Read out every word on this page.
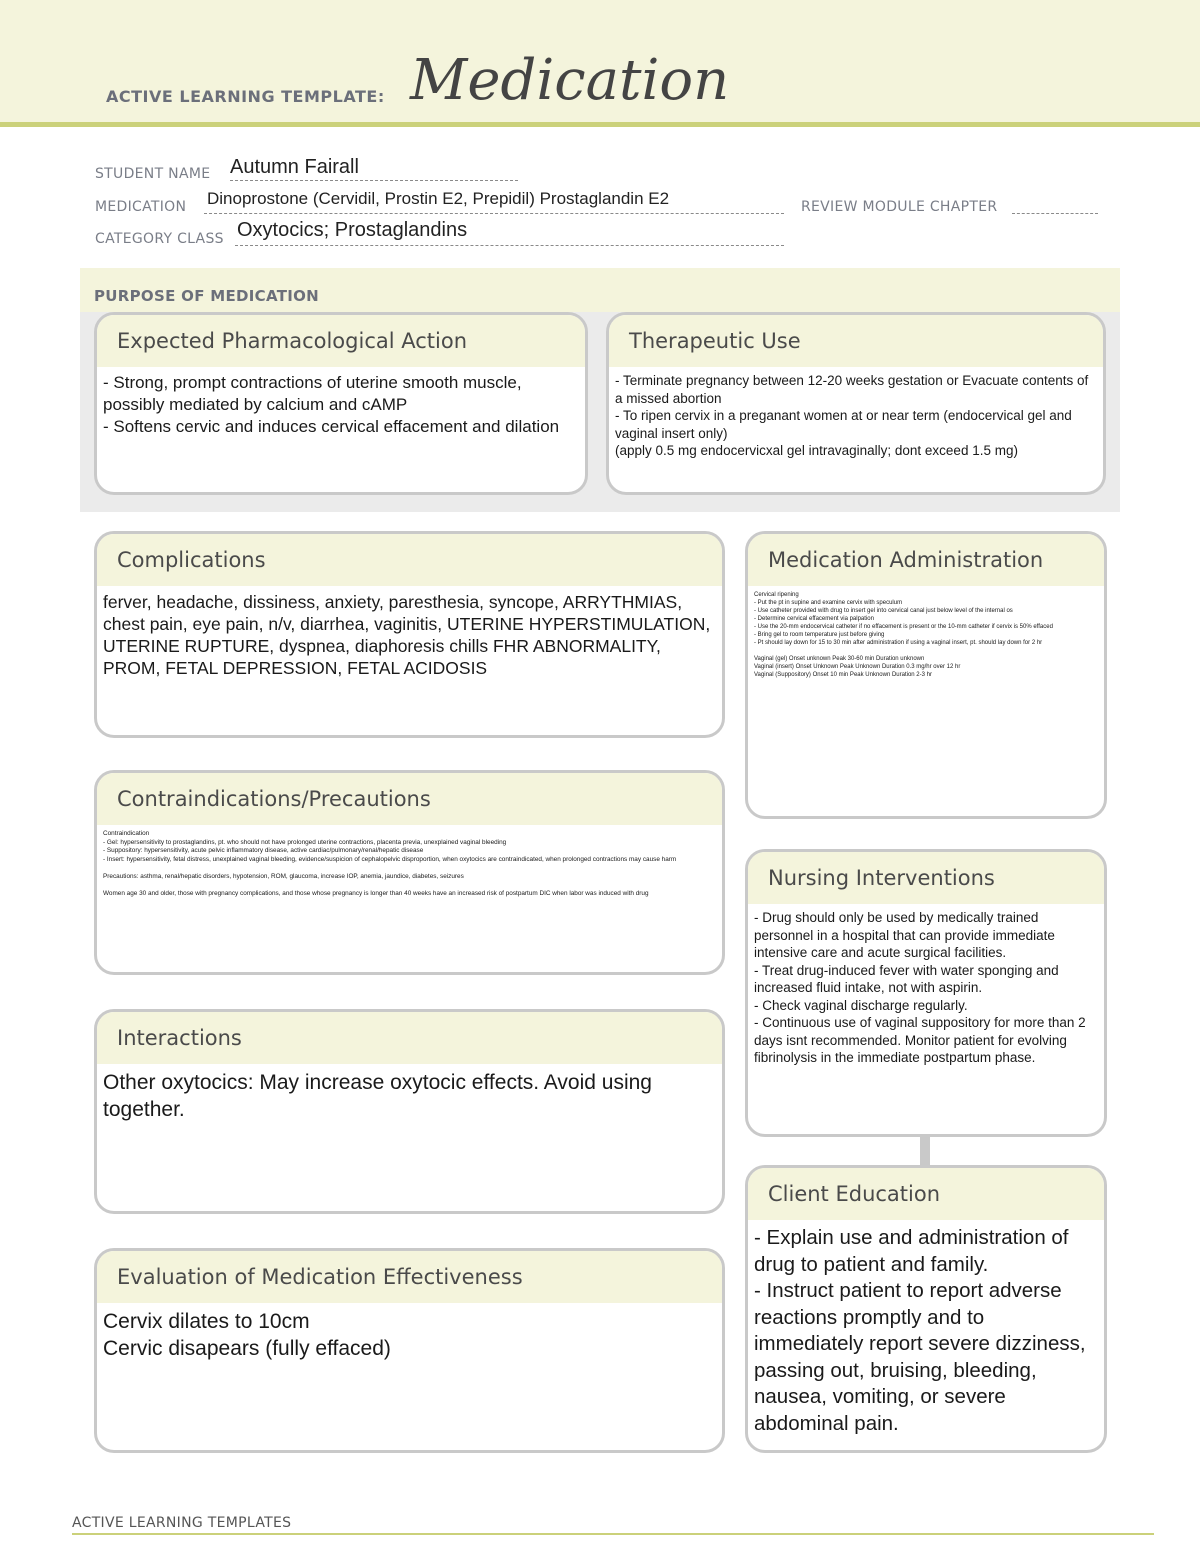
ACTIVE LEARNING TEMPLATE: Medication
STUDENT NAME Autumn Fairall
MEDICATION Dinoprostone (Cervidil, Prostin E2, Prepidil) Prostaglandin E2	REVIEW MODULE CHAPTER
CATEGORY CLASS Oxytocics; Prostaglandins
PURPOSE OF MEDICATION
Expected Pharmacological Action
- Strong, prompt contractions of uterine smooth muscle, possibly mediated by calcium and cAMP
- Softens cervic and induces cervical effacement and dilation
Therapeutic Use
- Terminate pregnancy between 12-20 weeks gestation or Evacuate contents of a missed abortion
- To ripen cervix in a preganant women at or near term (endocervical gel and vaginal insert only)
(apply 0.5 mg endocervicxal gel intravaginally; dont exceed 1.5 mg)
Complications
ferver, headache, dissiness, anxiety, paresthesia, syncope, ARRYTHMIAS, chest pain, eye pain, n/v, diarrhea, vaginitis, UTERINE HYPERSTIMULATION, UTERINE RUPTURE, dyspnea, diaphoresis chills FHR ABNORMALITY, PROM, FETAL DEPRESSION, FETAL ACIDOSIS
Medication Administration
Cervical ripening
- Put the pt in supine and examine cervix with speculum
- Use catheter provided with drug to insert gel into cervical canal just below level of the internal os
- Determine cervical effacement via palpation
- Use the 20-mm endocervical catheter if no effacement is present or the 10-mm catheter if cervix is 50% effaced
- Bring gel to room temperature just before giving
- Pt should lay down for 15 to 30 min after administration if using a vaginal insert, pt. should lay down for 2 hr

Vaginal (gel) Onset unknown Peak 30-60 min Duration unknown
Vaginal (insert) Onset Unknown Peak Unknown Duration 0.3 mg/hr over 12 hr
Vaginal (Suppository) Onset 10 min Peak Unknown Duration 2-3 hr
Contraindications/Precautions
Contraindication
- Gel: hypersensitivity to prostaglandins, pt. who should not have prolonged uterine contractions, placenta previa, unexplained vaginal bleeding
- Suppository: hypersensitivity, acute pelvic inflammatory disease, active cardiac/pulmonary/renal/hepatic disease
- Insert: hypersensitivity, fetal distress, unexplained vaginal bleeding, evidence/suspicion of cephalopelvic disproportion, when oxytocics are contraindicated, when prolonged contractions may cause harm

Precautions: asthma, renal/hepatic disorders, hypotension, ROM, glaucoma, increase IOP, anemia, jaundice, diabetes, seizures

Women age 30 and older, those with pregnancy complications, and those whose pregnancy is longer than 40 weeks have an increased risk of postpartum DIC when labor was induced with drug
Nursing Interventions
- Drug should only be used by medically trained personnel in a hospital that can provide immediate intensive care and acute surgical facilities.
- Treat drug-induced fever with water sponging and increased fluid intake, not with aspirin.
- Check vaginal discharge regularly.
- Continuous use of vaginal suppository for more than 2 days isnt recommended. Monitor patient for evolving fibrinolysis in the immediate postpartum phase.
Interactions
Other oxytocics: May increase oxytocic effects. Avoid using together.
Client Education
- Explain use and administration of drug to patient and family.
- Instruct patient to report adverse reactions promptly and to immediately report severe dizziness, passing out, bruising, bleeding, nausea, vomiting, or severe abdominal pain.
Evaluation of Medication Effectiveness
Cervix dilates to 10cm
Cervic disapears (fully effaced)
ACTIVE LEARNING TEMPLATES
